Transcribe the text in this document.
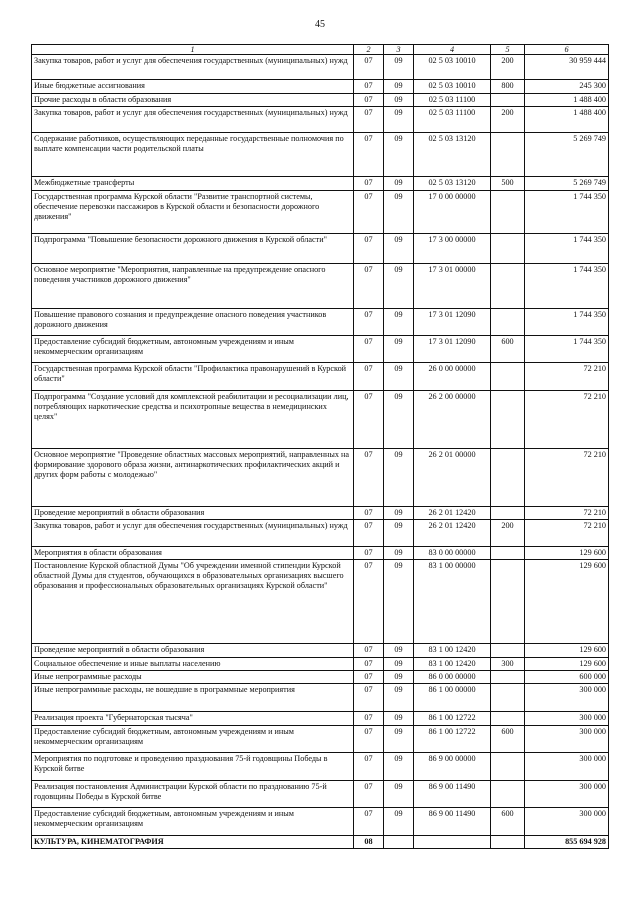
45
1	2	3	4	5	6
Закупка товаров, работ и услуг для обеспечения государственных (муниципальных) нужд	07	09	02 5 03 10010	200	30 959 444
Иные бюджетные ассигнования	07	09	02 5 03 10010	800	245 300
Прочие расходы в области образования	07	09	02 5 03 11100		1 488 400
Закупка товаров, работ и услуг для обеспечения государственных (муниципальных) нужд	07	09	02 5 03 11100	200	1 488 400
Содержание работников, осуществляющих переданные государственные полномочия по выплате компенсации части родительской платы	07	09	02 5 03 13120		5 269 749
Межбюджетные трансферты	07	09	02 5 03 13120	500	5 269 749
Государственная программа Курской области "Развитие транспортной системы, обеспечение перевозки пассажиров в Курской области и безопасности дорожного движения"	07	09	17 0 00 00000		1 744 350
Подпрограмма "Повышение безопасности дорожного движения в Курской области"	07	09	17 3 00 00000		1 744 350
Основное мероприятие "Мероприятия, направленные на предупреждение опасного поведения участников дорожного движения"	07	09	17 3 01 00000		1 744 350
Повышение правового сознания и предупреждение опасного поведения участников дорожного движения	07	09	17 3 01 12090		1 744 350
Предоставление субсидий бюджетным, автономным учреждениям и иным некоммерческим организациям	07	09	17 3 01 12090	600	1 744 350
Государственная программа Курской области "Профилактика правонарушений в Курской области"	07	09	26 0 00 00000		72 210
Подпрограмма "Создание условий для комплексной реабилитации и ресоциализации лиц, потребляющих наркотические средства и психотропные вещества в немедицинских целях"	07	09	26 2 00 00000		72 210
Основное мероприятие "Проведение областных массовых мероприятий, направленных на формирование здорового образа жизни, антинаркотических профилактических акций и других форм работы с молодежью"	07	09	26 2 01 00000		72 210
Проведение мероприятий в области образования	07	09	26 2 01 12420		72 210
Закупка товаров, работ и услуг для обеспечения государственных (муниципальных) нужд	07	09	26 2 01 12420	200	72 210
Мероприятия в области образования	07	09	83 0 00 00000		129 600
Постановление Курской областной Думы "Об учреждении именной стипендии Курской областной Думы для студентов, обучающихся в образовательных организациях высшего образования и профессиональных образовательных организациях Курской области"	07	09	83 1 00 00000		129 600
Проведение мероприятий в области образования	07	09	83 1 00 12420		129 600
Социальное обеспечение и иные выплаты населению	07	09	83 1 00 12420	300	129 600
Иные непрограммные расходы	07	09	86 0 00 00000		600 000
Иные непрограммные расходы, не вошедшие в программные мероприятия	07	09	86 1 00 00000		300 000
Реализация проекта "Губернаторская тысяча"	07	09	86 1 00 12722		300 000
Предоставление субсидий бюджетным, автономным учреждениям и иным некоммерческим организациям	07	09	86 1 00 12722	600	300 000
Мероприятия по подготовке и проведению празднования 75-й годовщины Победы в Курской битве	07	09	86 9 00 00000		300 000
Реализация постановления Администрации Курской области по празднованию 75-й годовщины Победы в Курской битве	07	09	86 9 00 11490		300 000
Предоставление субсидий бюджетным, автономным учреждениям и иным некоммерческим организациям	07	09	86 9 00 11490	600	300 000
КУЛЬТУРА, КИНЕМАТОГРАФИЯ	08				855 694 928
